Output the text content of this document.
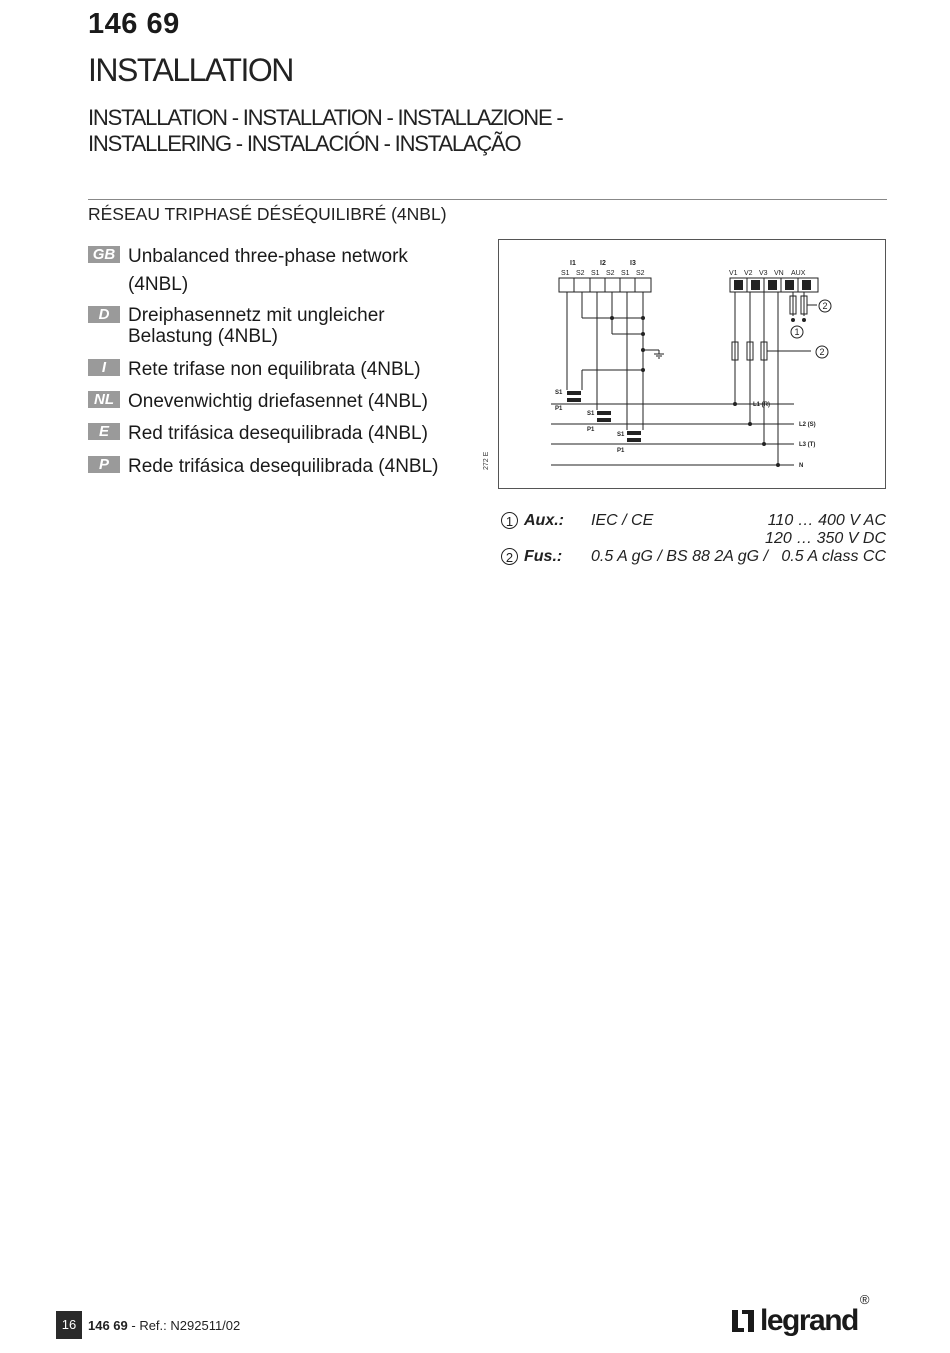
146 69
INSTALLATION
INSTALLATION - INSTALLATION - INSTALLAZIONE -
INSTALLERING - INSTALACIÓN - INSTALAÇÃO
RÉSEAU TRIPHASÉ DÉSÉQUILIBRÉ (4NBL)
GB Unbalanced three-phase network (4NBL)
D Dreiphasennetz mit ungleicher Belastung (4NBL)
I	Rete trifase non equilibrata (4NBL)
NL Onevenwichtig driefasennet (4NBL)
E	Red trifásica desequilibrada (4NBL)
P	Rede trifásica desequilibrada (4NBL)
I1	I2	I3
L1 (R)
L2 (S)
L3 (T)
N
S1
P1
S1
P1
S1
P1
S1 S2 S1 S2 S1 S2	V1 V2 V3 VN AUX
2
1
2
272 E
1 Aux.: IEC / CE	110 … 400 V AC
120 … 350 V DC
2 Fus.: 0.5 A gG / BS 88 2A gG / 0.5 A class CC
16 146 69 - Ref.: N292511/02	legrand®
